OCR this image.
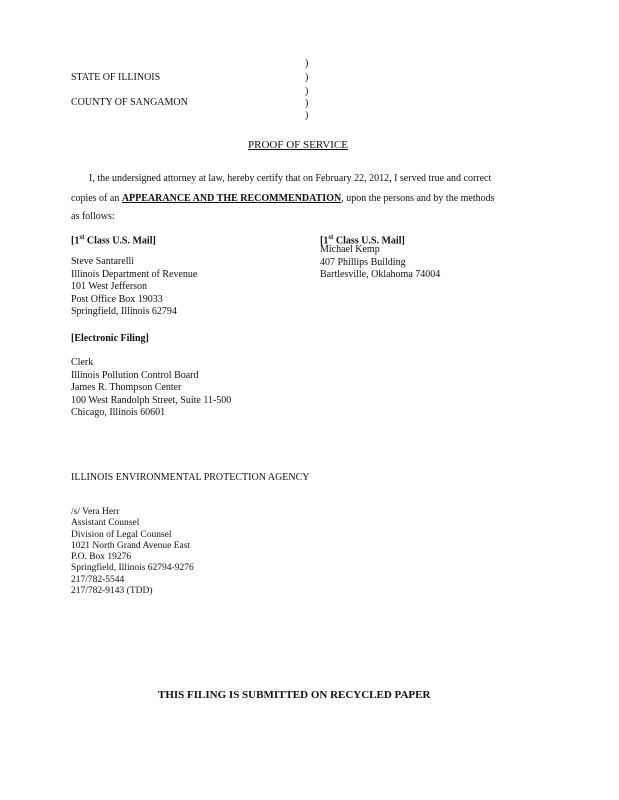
)
)
)
)
)
STATE OF ILLINOIS
COUNTY OF SANGAMON
PROOF OF SERVICE
I, the undersigned attorney at law, hereby certify that on February 22, 2012, I served true and correct
copies of an APPEARANCE AND THE RECOMMENDATION, upon the persons and by the methods
as follows:
[1st Class U.S. Mail]
Steve Santarelli
Illinois Department of Revenue
101 West Jefferson
Post Office Box 19033
Springfield, Illinois 62794
[1st Class U.S. Mail]
Michael Kemp
407 Phillips Building
Bartlesville, Oklahoma 74004
[Electronic Filing]
Clerk
Illinois Pollution Control Board
James R. Thompson Center
100 West Randolph Street, Suite 11-500
Chicago, Illinois 60601
ILLINOIS ENVIRONMENTAL PROTECTION AGENCY
/s/ Vera Herr
Assistant Counsel
Division of Legal Counsel
1021 North Grand Avenue East
P.O. Box 19276
Springfield, Illinois 62794-9276
217/782-5544
217/782-9143 (TDD)
THIS FILING IS SUBMITTED ON RECYCLED PAPER
